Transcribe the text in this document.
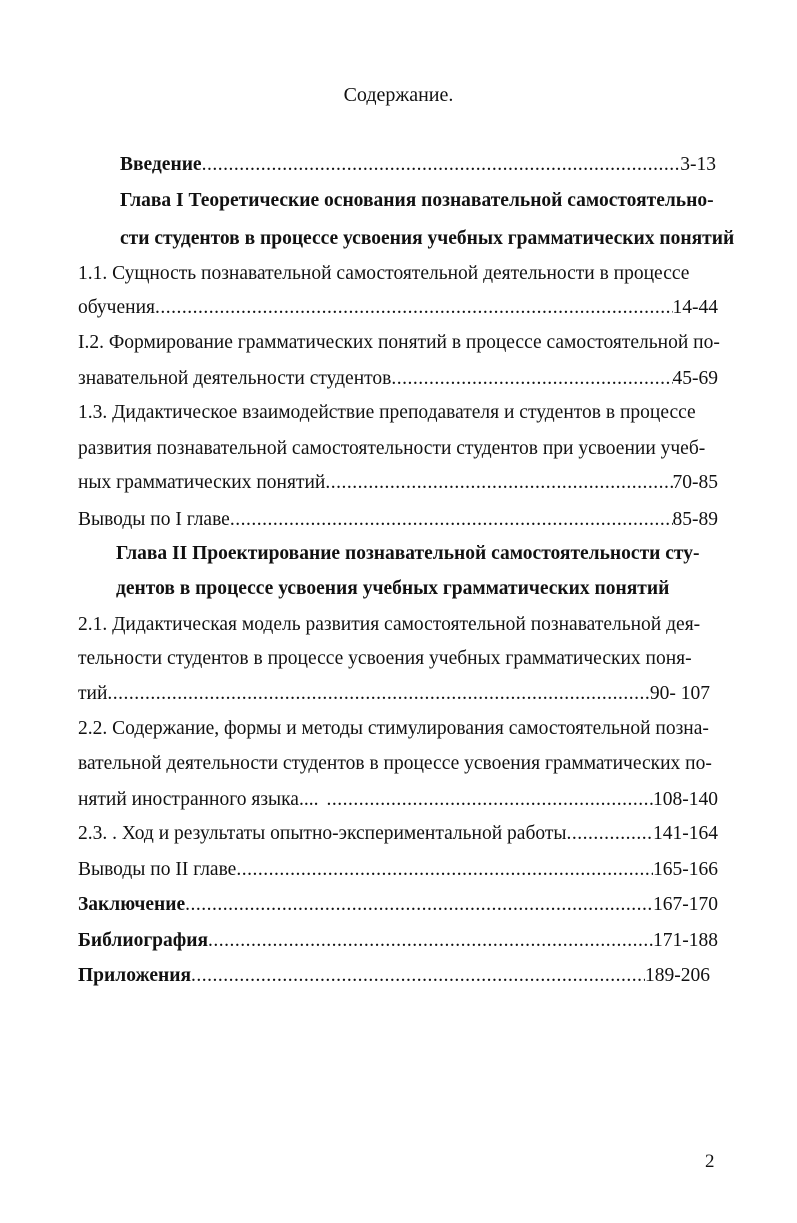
Содержание.
Введение .....	3-13
Глава I Теоретические основания познавательной самостоятельно-
сти студентов в процессе усвоения учебных грамматических понятий
1.1. Сущность познавательной самостоятельной деятельности в процессе
обучения .....	14-44
I.2. Формирование грамматических понятий в процессе самостоятельной по-
знавательной деятельности студентов .....	45-69
1.3. Дидактическое взаимодействие преподавателя и студентов в процессе
развития познавательной самостоятельности студентов при усвоении учеб-
ных грамматических понятий .....	70-85
Выводы по I главе .....	85-89
Глава II Проектирование познавательной самостоятельности сту-
дентов в процессе усвоения учебных грамматических понятий
2.1. Дидактическая модель развития самостоятельной познавательной дея-
тельности студентов в процессе усвоения учебных грамматических поня-
тий .....	90- 107
2.2. Содержание, формы и методы стимулирования самостоятельной позна-
вательной деятельности студентов в процессе усвоения грамматических по-
нятий иностранного языка.... .....	108-140
2.3. . Ход и результаты опытно-экспериментальной работы .....	141-164
Выводы по II главе .....	165-166
Заключение .....	167-170
Библиография .....	171-188
Приложения .....	189-206
2
